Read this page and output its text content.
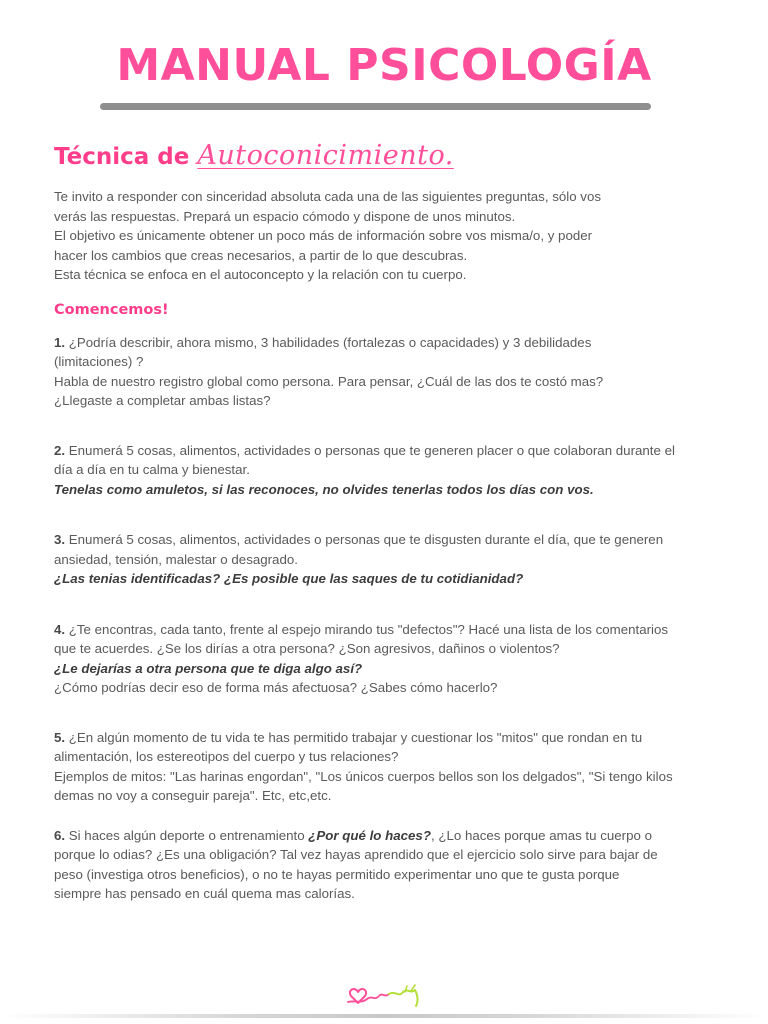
MANUAL PSICOLOGÍA
Técnica de Autoconicimiento.

Te invito a responder con sinceridad absoluta cada una de las siguientes preguntas, sólo vos

verás las respuestas. Prepará un espacio cómodo y dispone de unos minutos.

El objetivo es únicamente obtener un poco más de información sobre vos misma/o, y poder

hacer los cambios que creas necesarios, a partir de lo que descubras.

Esta técnica se enfoca en el autoconcepto y la relación con tu cuerpo.

Comencemos!

1. ¿Podría describir, ahora mismo, 3 habilidades (fortalezas o capacidades) y 3 debilidades

(limitaciones) ?

Habla de nuestro registro global como persona. Para pensar, ¿Cuál de las dos te costó mas?

¿Llegaste a completar ambas listas?

2. Enumerá 5 cosas, alimentos, actividades o personas que te generen placer o que colaboran durante el

día a día en tu calma y bienestar.

Tenelas como amuletos, si las reconoces, no olvides tenerlas todos los días con vos.

3. Enumerá 5 cosas, alimentos, actividades o personas que te disgusten durante el día, que te generen

ansiedad, tensión, malestar o desagrado.

¿Las tenias identificadas? ¿Es posible que las saques de tu cotidianidad?

4. ¿Te encontras, cada tanto, frente al espejo mirando tus "defectos"? Hacé una lista de los comentarios

que te acuerdes. ¿Se los dirías a otra persona? ¿Son agresivos, dañinos o violentos?

¿Le dejarías a otra persona que te diga algo así?

¿Cómo podrías decir eso de forma más afectuosa? ¿Sabes cómo hacerlo?

5. ¿En algún momento de tu vida te has permitido trabajar y cuestionar los "mitos" que rondan en tu

alimentación, los estereotipos del cuerpo y tus relaciones?

Ejemplos de mitos: "Las harinas engordan", "Los únicos cuerpos bellos son los delgados", "Si tengo kilos

demas no voy a conseguir pareja". Etc, etc,etc.

6. Si haces algún deporte o entrenamiento ¿Por qué lo haces?, ¿Lo haces porque amas tu cuerpo o

porque lo odias? ¿Es una obligación? Tal vez hayas aprendido que el ejercicio solo sirve para bajar de

peso (investiga otros beneficios), o no te hayas permitido experimentar uno que te gusta porque

siempre has pensado en cuál quema mas calorías.
